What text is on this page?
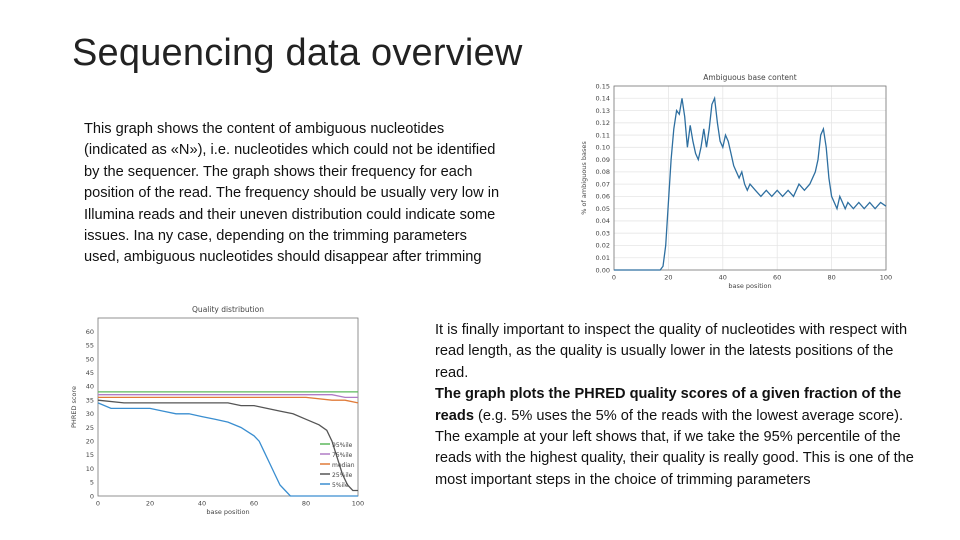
Sequencing data overview

This graph shows the content of ambiguous nucleotides (indicated as «N»), i.e. nucleotides which could not be identified by the sequencer. The graph shows their frequency for each position of the read. The frequency should be usually very low in Illumina reads and their uneven distribution could indicate some issues. Ina ny case, depending on the trimming parameters used, ambiguous nucleotides should disappear after trimming

It is finally important to inspect the quality of nucleotides with respect with read length, as the quality is usually lower in the latests positions of the read.

The graph plots the PHRED quality scores of a given fraction of the reads (e.g. 5% uses the 5% of the reads with the lowest average score). The example at your left shows that, if we take the 95% percentile of the reads with the highest quality, their quality is really good. This is one of the most important steps in the choice of trimming parameters

Ambiguous base content
0	20	40	60	80	100
0.00
0.01
0.02
0.03
0.04
0.05
0.06
0.07
0.08
0.09
0.10
0.11
0.12
0.13
0.14
0.15
base position
% of ambiguous bases
Quality distribution
0	20	40	60	80	100
0
5
10
15
20
25
30
35
40
45
50
55
60
base position
PHRED score
95%ile
75%ile
median
25%ile
5%ile
